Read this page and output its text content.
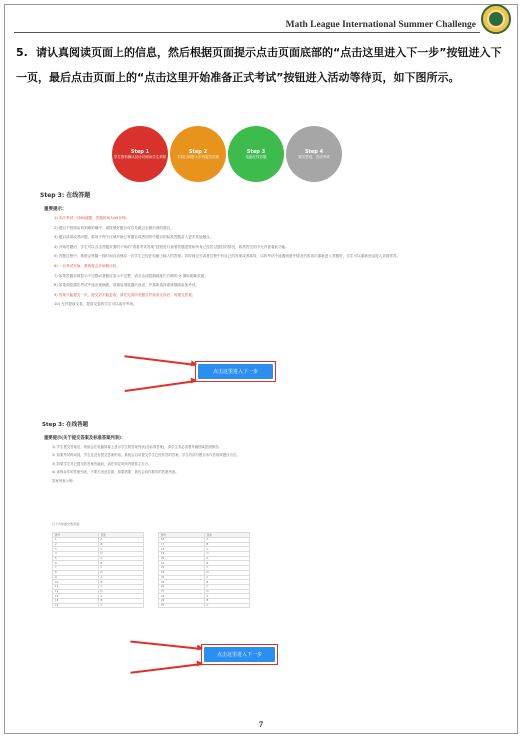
Math League International Summer Challenge
5. 请认真阅读页面上的信息，然后根据页面提示点击页面底部的“点击这里进入下一步”按钮进入下一页，最后点击页面上的“点击这里开始准备正式考试”按钮进入活动等待页，如下图所示。
Step 1
学生资料确认及协议阅读学生须知
Step 2
手机扫码进入手机监控页面
Step 3
电脑在线答题
Step 4
提交答卷，完成考试
Step 3: 在线答题
重要提示：
1) 本次考试一共60道题，答题时间为45分钟。
2) 题目不按照由易到难的顺序，请按照好题目可以先跳过去做后面的题目。
3) 题目选项或者问题，要用于每个区域开始已有题目或者回答中题目的标准答题录入更多其他题目。
4) 开始答题后，学生可以点击答题页面的下角的“查看考试答案”按钮进行查看答题进度和所有已经答过题目的情况，如需答完则不允许查看此功能。
5) 答题过程中，系统会每隔一段时间自动保存一次学生已经在电脑上输入的答案。若时间过长或者过程中有自己的答案或者离线，以防考试中途遇到意外情况后的再次重新进入答题时，学生可以重新登录进入页面作答。
6) 一旦考试开始，系统将会开始倒计时。
7) 如果答题页面显示不完整或者题目显示不完整，请点击浏览器地址栏右侧的 ⟳ 图标刷新页面。
8) 如果浏览器在考试中途出现崩溃，请重启浏览器后登录，并重新选择系统继续参加考试。
9) 答案只能提交一次，提交后不能更改，请在完成所有题目并检查无误后，再提交答案。
10) 允许提前交卷，提前交卷的学生可以离开考场。
点击这里进入下一步
Step 3: 在线答题
重要提示(关于提交答案及标准答案列表)：
1) 学生提交答案后，系统会在电脑屏幕上显示学生的答案列表(含标准答案)，请学生务必查看并截图或拍照保存。
2) 如果考试时间到，学生还没有提交答案的话，系统会自动提交学生已经作答的答案，学生有部分题目未作答则该题目为空。
3) 如果学生对已提交的答案有疑问，请在规定时间内联系主办方。
4) 请保存你的答案列表，不要关闭此页面，如果需要，我们会向你要你的答案列表。
答案列表示例:
以下为你提交的答案：
题号	答案
1	A
2	B
3	C
4	D
5	A
6	B
7	C
8	D
9	A
10	B
11	C
12	D
13	A
14	B
15	C
题号	答案
16	A
17	B
18	C
19	D
20	A
21	B
22	C
23	D
24	A
25	B
26	C
27	D
28	A
29	B
30	C
点击这里进入下一步
7
